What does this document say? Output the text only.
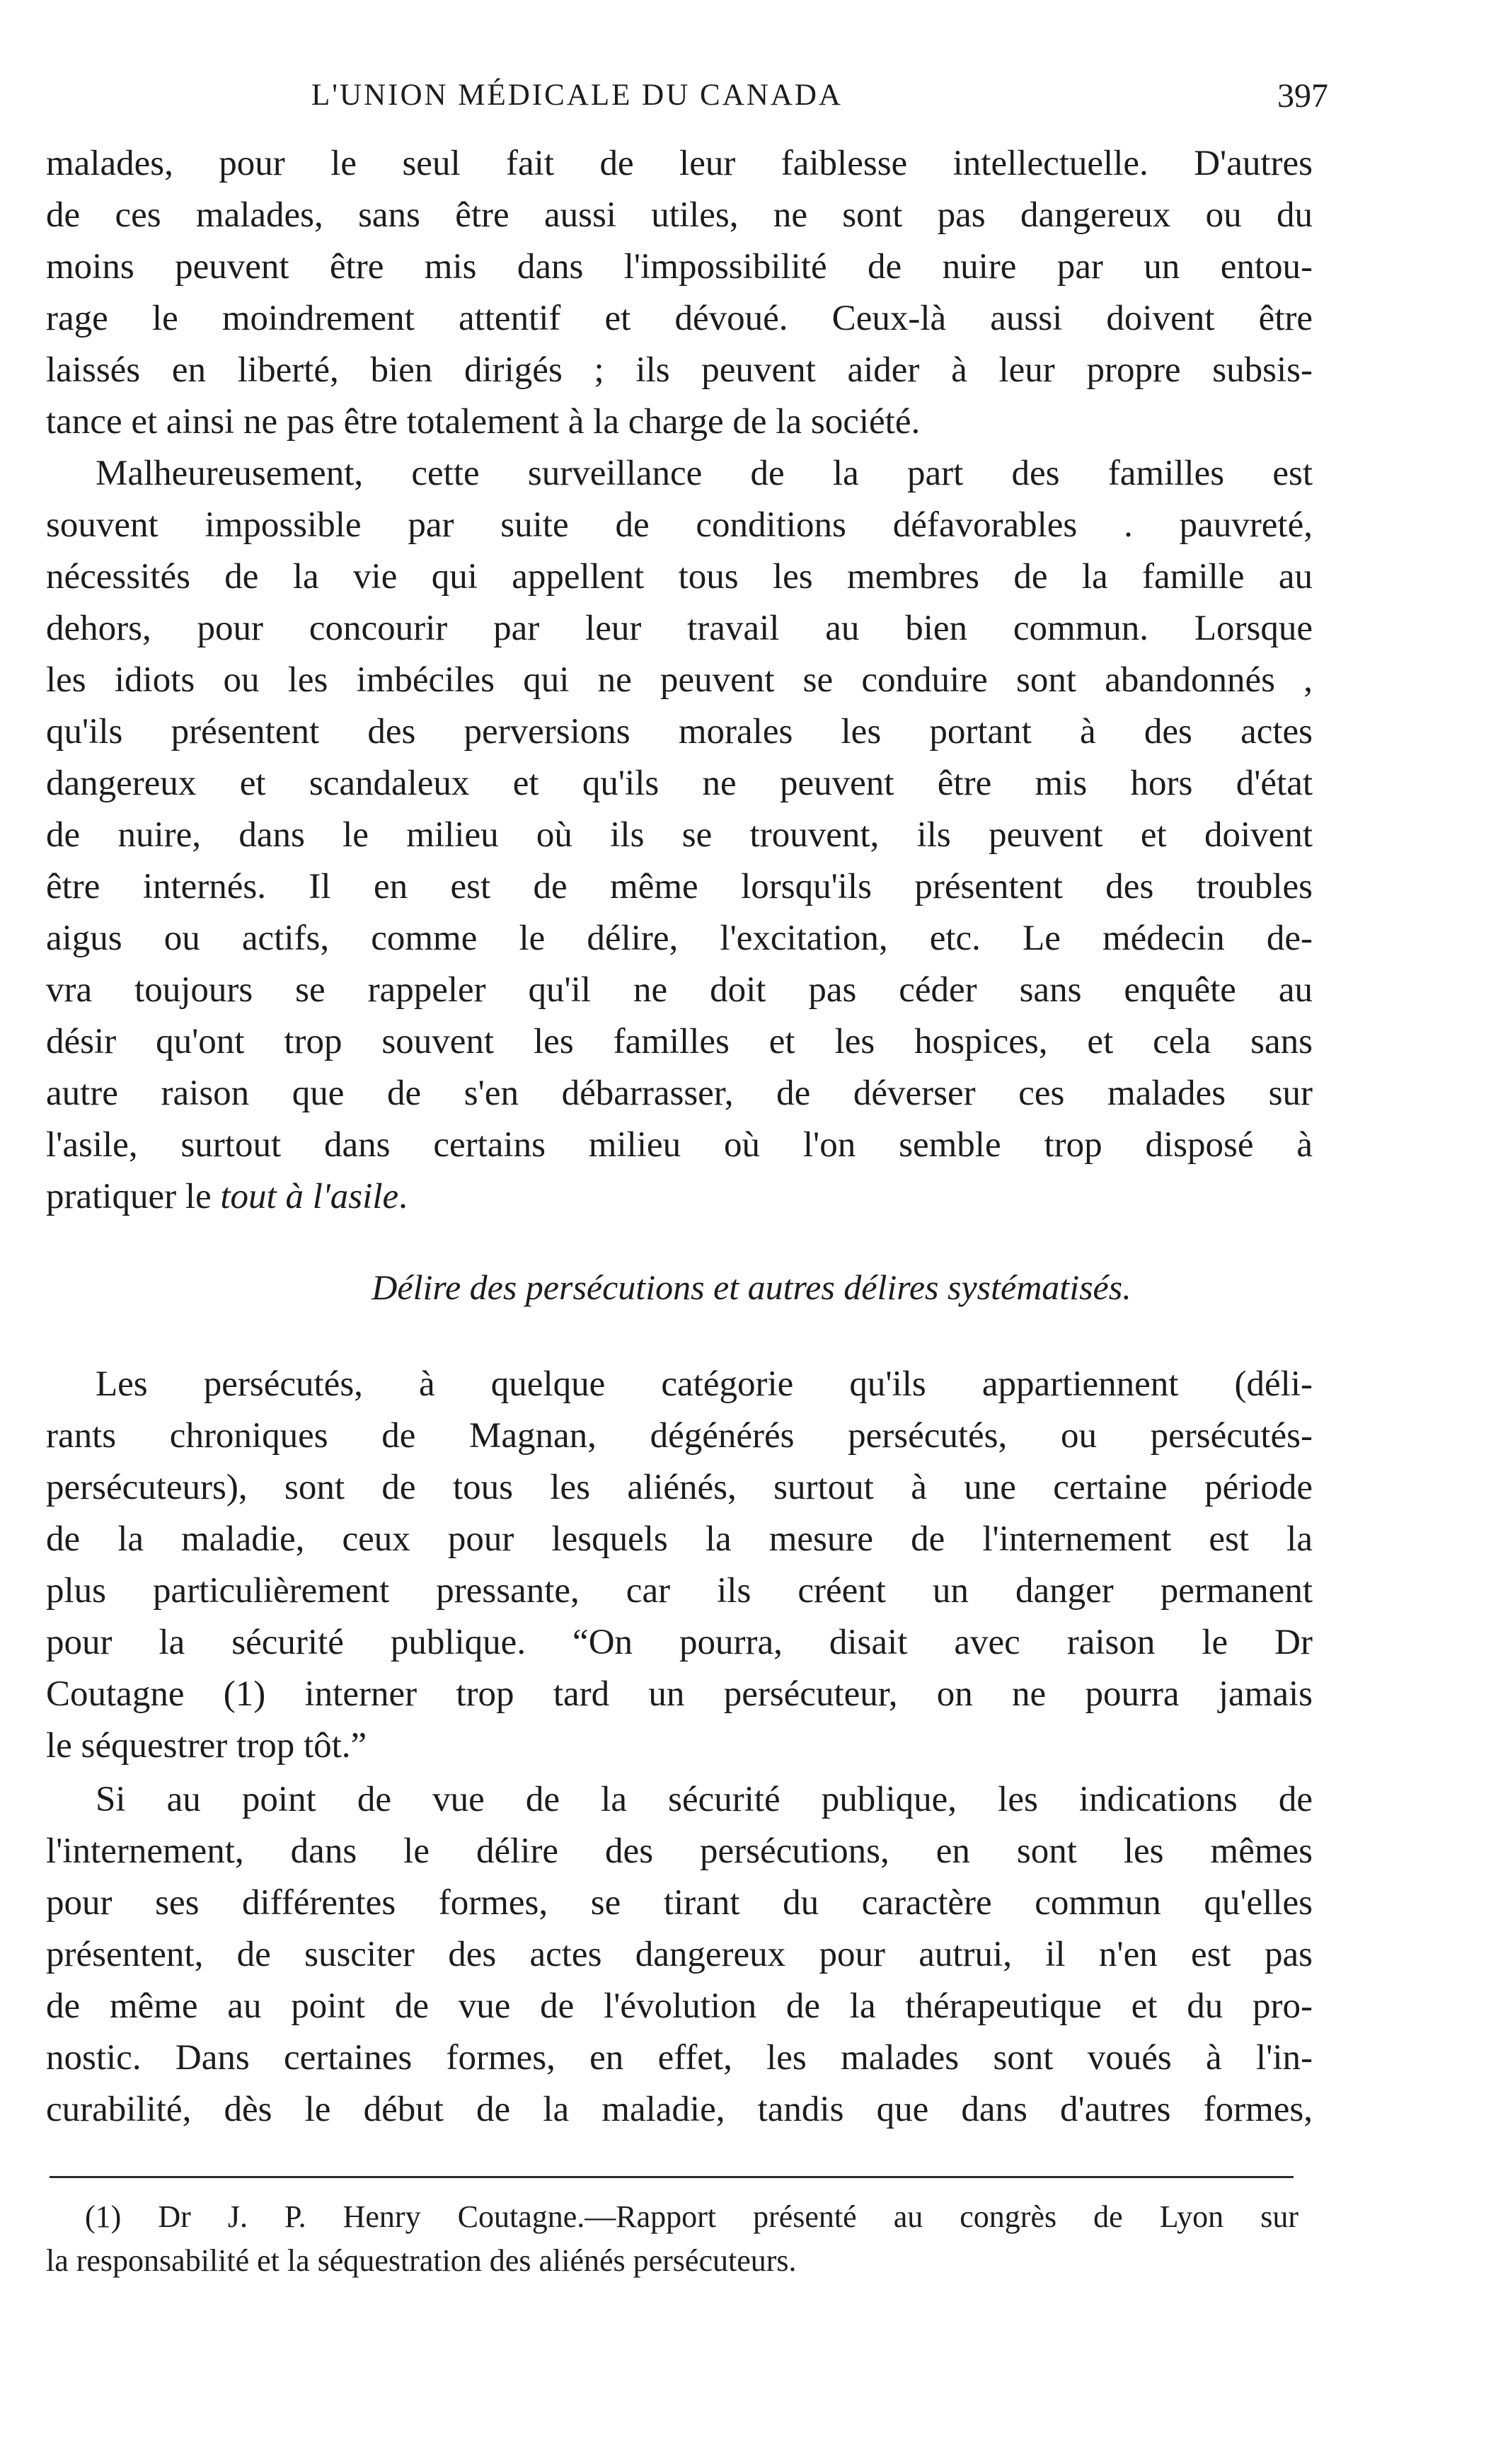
L'UNION MÉDICALE DU CANADA	397
malades, pour le seul fait de leur faiblesse intellectuelle. D'autres
de ces malades, sans être aussi utiles, ne sont pas dangereux ou du
moins peuvent être mis dans l'impossibilité de nuire par un entou-
rage le moindrement attentif et dévoué. Ceux-là aussi doivent être
laissés en liberté, bien dirigés ; ils peuvent aider à leur propre subsis-
tance et ainsi ne pas être totalement à la charge de la société.
Malheureusement, cette surveillance de la part des familles est
souvent impossible par suite de conditions défavorables . pauvreté,
nécessités de la vie qui appellent tous les membres de la famille au
dehors, pour concourir par leur travail au bien commun. Lorsque
les idiots ou les imbéciles qui ne peuvent se conduire sont abandonnés ,
qu'ils présentent des perversions morales les portant à des actes
dangereux et scandaleux et qu'ils ne peuvent être mis hors d'état
de nuire, dans le milieu où ils se trouvent, ils peuvent et doivent
être internés. Il en est de même lorsqu'ils présentent des troubles
aigus ou actifs, comme le délire, l'excitation, etc. Le médecin de-
vra toujours se rappeler qu'il ne doit pas céder sans enquête au
désir qu'ont trop souvent les familles et les hospices, et cela sans
autre raison que de s'en débarrasser, de déverser ces malades sur
l'asile, surtout dans certains milieu où l'on semble trop disposé à
pratiquer le tout à l'asile.
Délire des persécutions et autres délires systématisés.
Les persécutés, à quelque catégorie qu'ils appartiennent (déli-
rants chroniques de Magnan, dégénérés persécutés, ou persécutés-
persécuteurs), sont de tous les aliénés, surtout à une certaine période
de la maladie, ceux pour lesquels la mesure de l'internement est la
plus particulièrement pressante, car ils créent un danger permanent
pour la sécurité publique. “On pourra, disait avec raison le Dr
Coutagne (1) interner trop tard un persécuteur, on ne pourra jamais
le séquestrer trop tôt.”
Si au point de vue de la sécurité publique, les indications de
l'internement, dans le délire des persécutions, en sont les mêmes
pour ses différentes formes, se tirant du caractère commun qu'elles
présentent, de susciter des actes dangereux pour autrui, il n'en est pas
de même au point de vue de l'évolution de la thérapeutique et du pro-
nostic. Dans certaines formes, en effet, les malades sont voués à l'in-
curabilité, dès le début de la maladie, tandis que dans d'autres formes,
(1) Dr J. P. Henry Coutagne.—Rapport présenté au congrès de Lyon sur
la responsabilité et la séquestration des aliénés persécuteurs.
